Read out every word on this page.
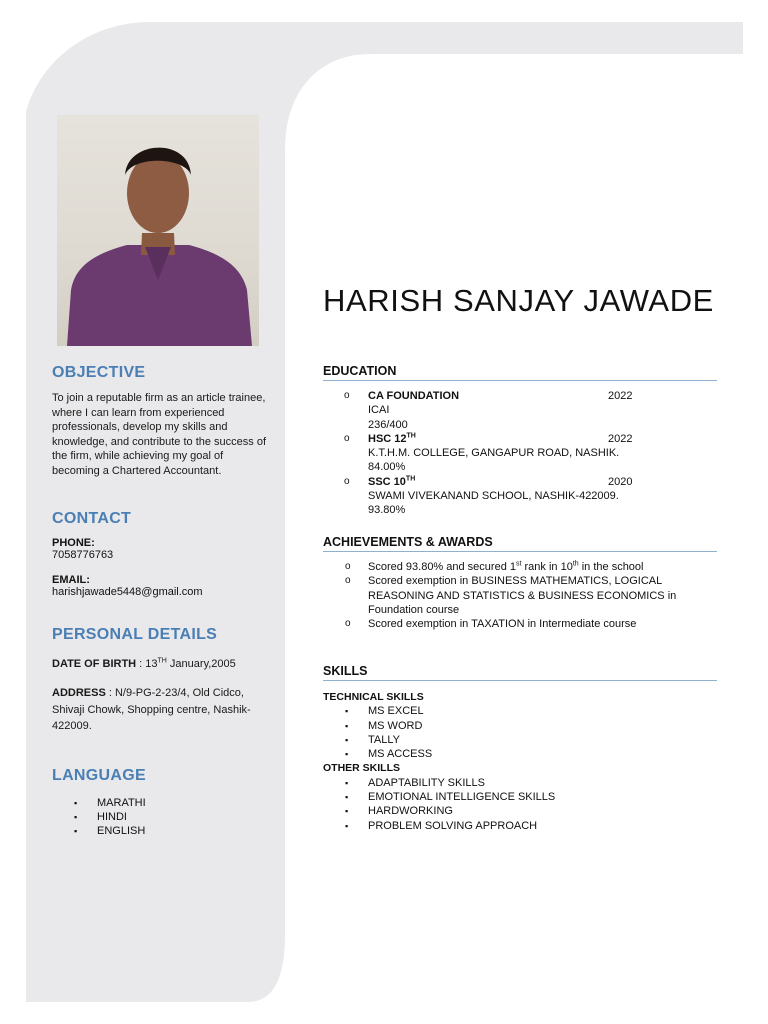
OBJECTIVE
To join a reputable firm as an article trainee, where I can learn from experienced professionals, develop my skills and knowledge, and contribute to the success of the firm, while achieving my goal of becoming a Chartered Accountant.
CONTACT
PHONE:
7058776763
EMAIL:
harishjawade5448@gmail.com
PERSONAL DETAILS
DATE OF BIRTH : 13TH January,2005
ADDRESS : N/9-PG-2-23/4, Old Cidco, Shivaji Chowk, Shopping centre, Nashik-422009.
LANGUAGE
▪ MARATHI
▪ HINDI
▪ ENGLISH
HARISH SANJAY JAWADE
EDUCATION
o CA FOUNDATION	2022
ICAI
236/400
o HSC 12TH	2022
K.T.H.M. COLLEGE, GANGAPUR ROAD, NASHIK.
84.00%
o SSC 10TH	2020
SWAMI VIVEKANAND SCHOOL, NASHIK-422009.
93.80%
ACHIEVEMENTS & AWARDS
o Scored 93.80% and secured 1st rank in 10th in the school
o Scored exemption in BUSINESS MATHEMATICS, LOGICAL REASONING AND STATISTICS & BUSINESS ECONOMICS in Foundation course
o Scored exemption in TAXATION in Intermediate course
SKILLS
TECHNICAL SKILLS
▪ MS EXCEL
▪ MS WORD
▪ TALLY
▪ MS ACCESS
OTHER SKILLS
▪ ADAPTABILITY SKILLS
▪ EMOTIONAL INTELLIGENCE SKILLS
▪ HARDWORKING
▪ PROBLEM SOLVING APPROACH
